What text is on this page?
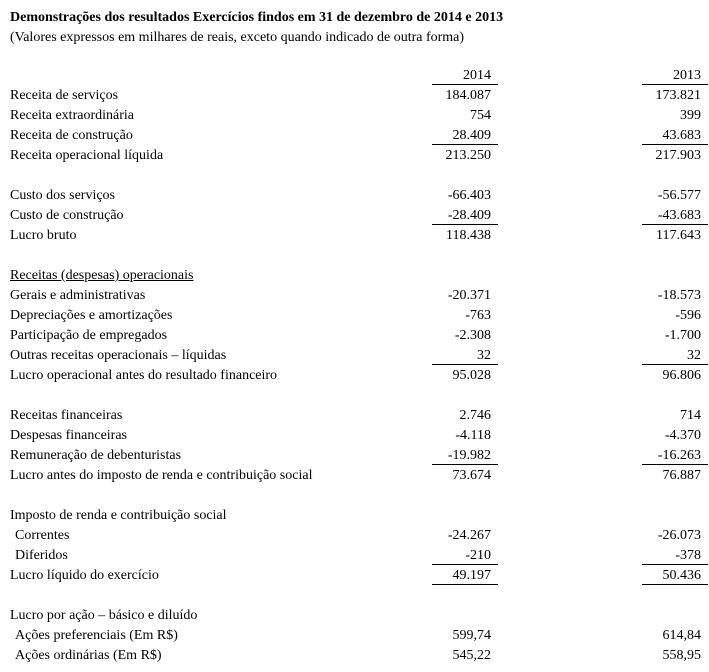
Demonstrações dos resultados Exercícios findos em 31 de dezembro de 2014 e 2013
(Valores expressos em milhares de reais, exceto quando indicado de outra forma)
2014	2013
Receita de serviços	184.087	173.821
Receita extraordinária	754	399
Receita de construção	28.409	43.683
Receita operacional líquida	213.250	217.903
Custo dos serviços	-66.403	-56.577
Custo de construção	-28.409	-43.683
Lucro bruto	118.438	117.643
Receitas (despesas) operacionais
Gerais e administrativas	-20.371	-18.573
Depreciações e amortizações	-763	-596
Participação de empregados	-2.308	-1.700
Outras receitas operacionais – líquidas	32	32
Lucro operacional antes do resultado financeiro	95.028	96.806
Receitas financeiras	2.746	714
Despesas financeiras	-4.118	-4.370
Remuneração de debenturistas	-19.982	-16.263
Lucro antes do imposto de renda e contribuição social	73.674	76.887
Imposto de renda e contribuição social
Correntes	-24.267	-26.073
Diferidos	-210	-378
Lucro líquido do exercício	49.197	50.436
Lucro por ação – básico e diluído
Ações preferenciais (Em R$)	599,74	614,84
Ações ordinárias (Em R$)	545,22	558,95
